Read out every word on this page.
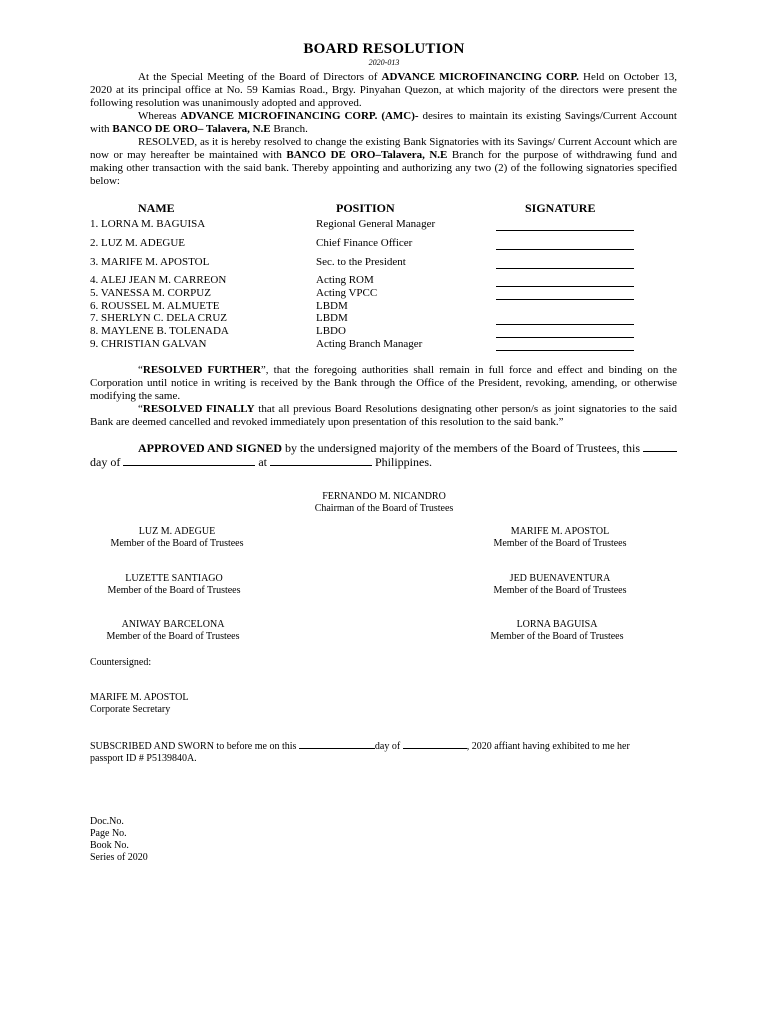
BOARD RESOLUTION
2020-013

At the Special Meeting of the Board of Directors of ADVANCE MICROFINANCING CORP. Held on October 13, 2020 at its principal office at No. 59 Kamias Road., Brgy. Pinyahan Quezon, at which majority of the directors were present the following resolution was unanimously adopted and approved.

Whereas ADVANCE MICROFINANCING CORP. (AMC)- desires to maintain its existing Savings/Current Account with BANCO DE ORO– Talavera, N.E Branch.

RESOLVED, as it is hereby resolved to change the existing Bank Signatories with its Savings/ Current Account which are now or may hereafter be maintained with BANCO DE ORO–Talavera, N.E Branch for the purpose of withdrawing fund and making other transaction with the said bank. Thereby appointing and authorizing any two (2) of the following signatories specified below:

NAME	POSITION	SIGNATURE
1. LORNA M. BAGUISA	Regional General Manager
2. LUZ M. ADEGUE	Chief Finance Officer
3. MARIFE M. APOSTOL	Sec. to the President
4. ALEJ JEAN M. CARREON	Acting ROM
5. VANESSA M. CORPUZ	Acting VPCC
6. ROUSSEL M. ALMUETE	LBDM
7. SHERLYN C. DELA CRUZ	LBDM
8. MAYLENE B. TOLENADA	LBDO
9. CHRISTIAN GALVAN	Acting Branch Manager

“RESOLVED FURTHER”, that the foregoing authorities shall remain in full force and effect and binding on the Corporation until notice in writing is received by the Bank through the Office of the President, revoking, amending, or otherwise modifying the same.

“RESOLVED FINALLY that all previous Board Resolutions designating other person/s as joint signatories to the said Bank are deemed cancelled and revoked immediately upon presentation of this resolution to the said bank.”

APPROVED AND SIGNED by the undersigned majority of the members of the Board of Trustees, this  day of	at	Philippines.

FERNANDO M. NICANDRO
Chairman of the Board of Trustees
LUZ M. ADEGUE
Member of the Board of Trustees
MARIFE M. APOSTOL
Member of the Board of Trustees
LUZETTE SANTIAGO
Member of the Board of Trustees
JED BUENAVENTURA
Member of the Board of Trustees
ANIWAY BARCELONA
Member of the Board of Trustees
LORNA BAGUISA
Member of the Board of Trustees
Countersigned:
MARIFE M. APOSTOL
Corporate Secretary
SUBSCRIBED AND SWORN to before me on this	day of	, 2020 affiant having exhibited to me her passport ID # P5139840A.
Doc.No.
Page No.
Book No.
Series of 2020
